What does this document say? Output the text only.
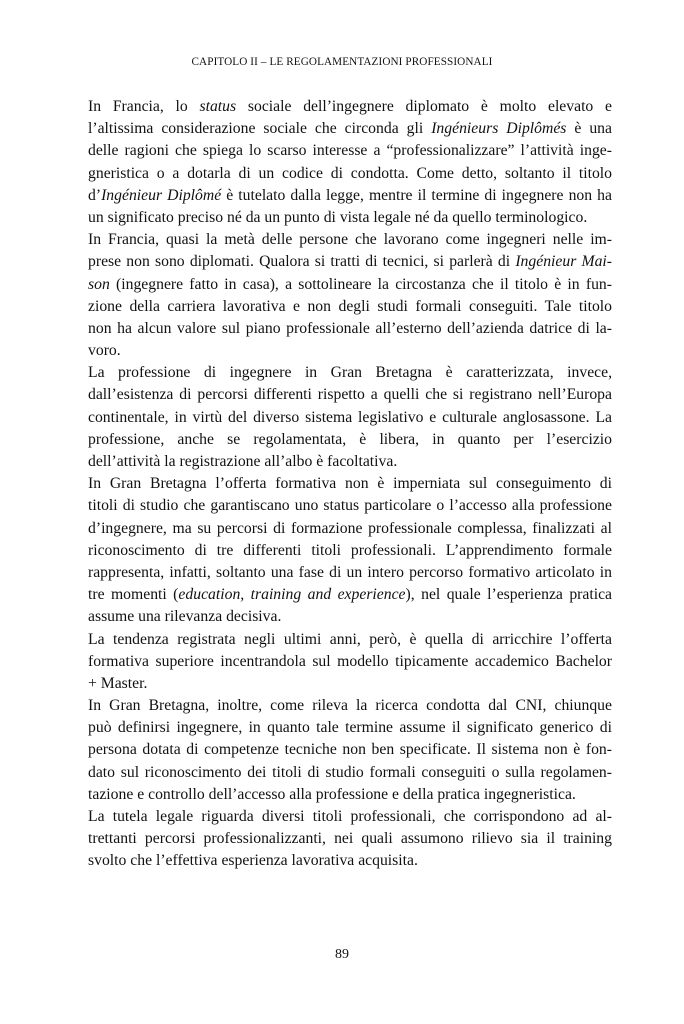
CAPITOLO II – LE REGOLAMENTAZIONI PROFESSIONALI
In Francia, lo status sociale dell’ingegnere diplomato è molto elevato e
l’altissima considerazione sociale che circonda gli Ingénieurs Diplômés è una
delle ragioni che spiega lo scarso interesse a “professionalizzare” l’attività inge-
gneristica o a dotarla di un codice di condotta. Come detto, soltanto il titolo
d’Ingénieur Diplômé è tutelato dalla legge, mentre il termine di ingegnere non ha
un significato preciso né da un punto di vista legale né da quello terminologico.
In Francia, quasi la metà delle persone che lavorano come ingegneri nelle im-
prese non sono diplomati. Qualora si tratti di tecnici, si parlerà di Ingénieur Mai-
son (ingegnere fatto in casa), a sottolineare la circostanza che il titolo è in fun-
zione della carriera lavorativa e non degli studi formali conseguiti. Tale titolo
non ha alcun valore sul piano professionale all’esterno dell’azienda datrice di la-
voro.
La professione di ingegnere in Gran Bretagna è caratterizzata, invece,
dall’esistenza di percorsi differenti rispetto a quelli che si registrano nell’Europa
continentale, in virtù del diverso sistema legislativo e culturale anglosassone. La
professione, anche se regolamentata, è libera, in quanto per l’esercizio
dell’attività la registrazione all’albo è facoltativa.
In Gran Bretagna l’offerta formativa non è imperniata sul conseguimento di
titoli di studio che garantiscano uno status particolare o l’accesso alla professione
d’ingegnere, ma su percorsi di formazione professionale complessa, finalizzati al
riconoscimento di tre differenti titoli professionali. L’apprendimento formale
rappresenta, infatti, soltanto una fase di un intero percorso formativo articolato in
tre momenti (education, training and experience), nel quale l’esperienza pratica
assume una rilevanza decisiva.
La tendenza registrata negli ultimi anni, però, è quella di arricchire l’offerta
formativa superiore incentrandola sul modello tipicamente accademico Bachelor
+ Master.
In Gran Bretagna, inoltre, come rileva la ricerca condotta dal CNI, chiunque
può definirsi ingegnere, in quanto tale termine assume il significato generico di
persona dotata di competenze tecniche non ben specificate. Il sistema non è fon-
dato sul riconoscimento dei titoli di studio formali conseguiti o sulla regolamen-
tazione e controllo dell’accesso alla professione e della pratica ingegneristica.
La tutela legale riguarda diversi titoli professionali, che corrispondono ad al-
trettanti percorsi professionalizzanti, nei quali assumono rilievo sia il training
svolto che l’effettiva esperienza lavorativa acquisita.
89
